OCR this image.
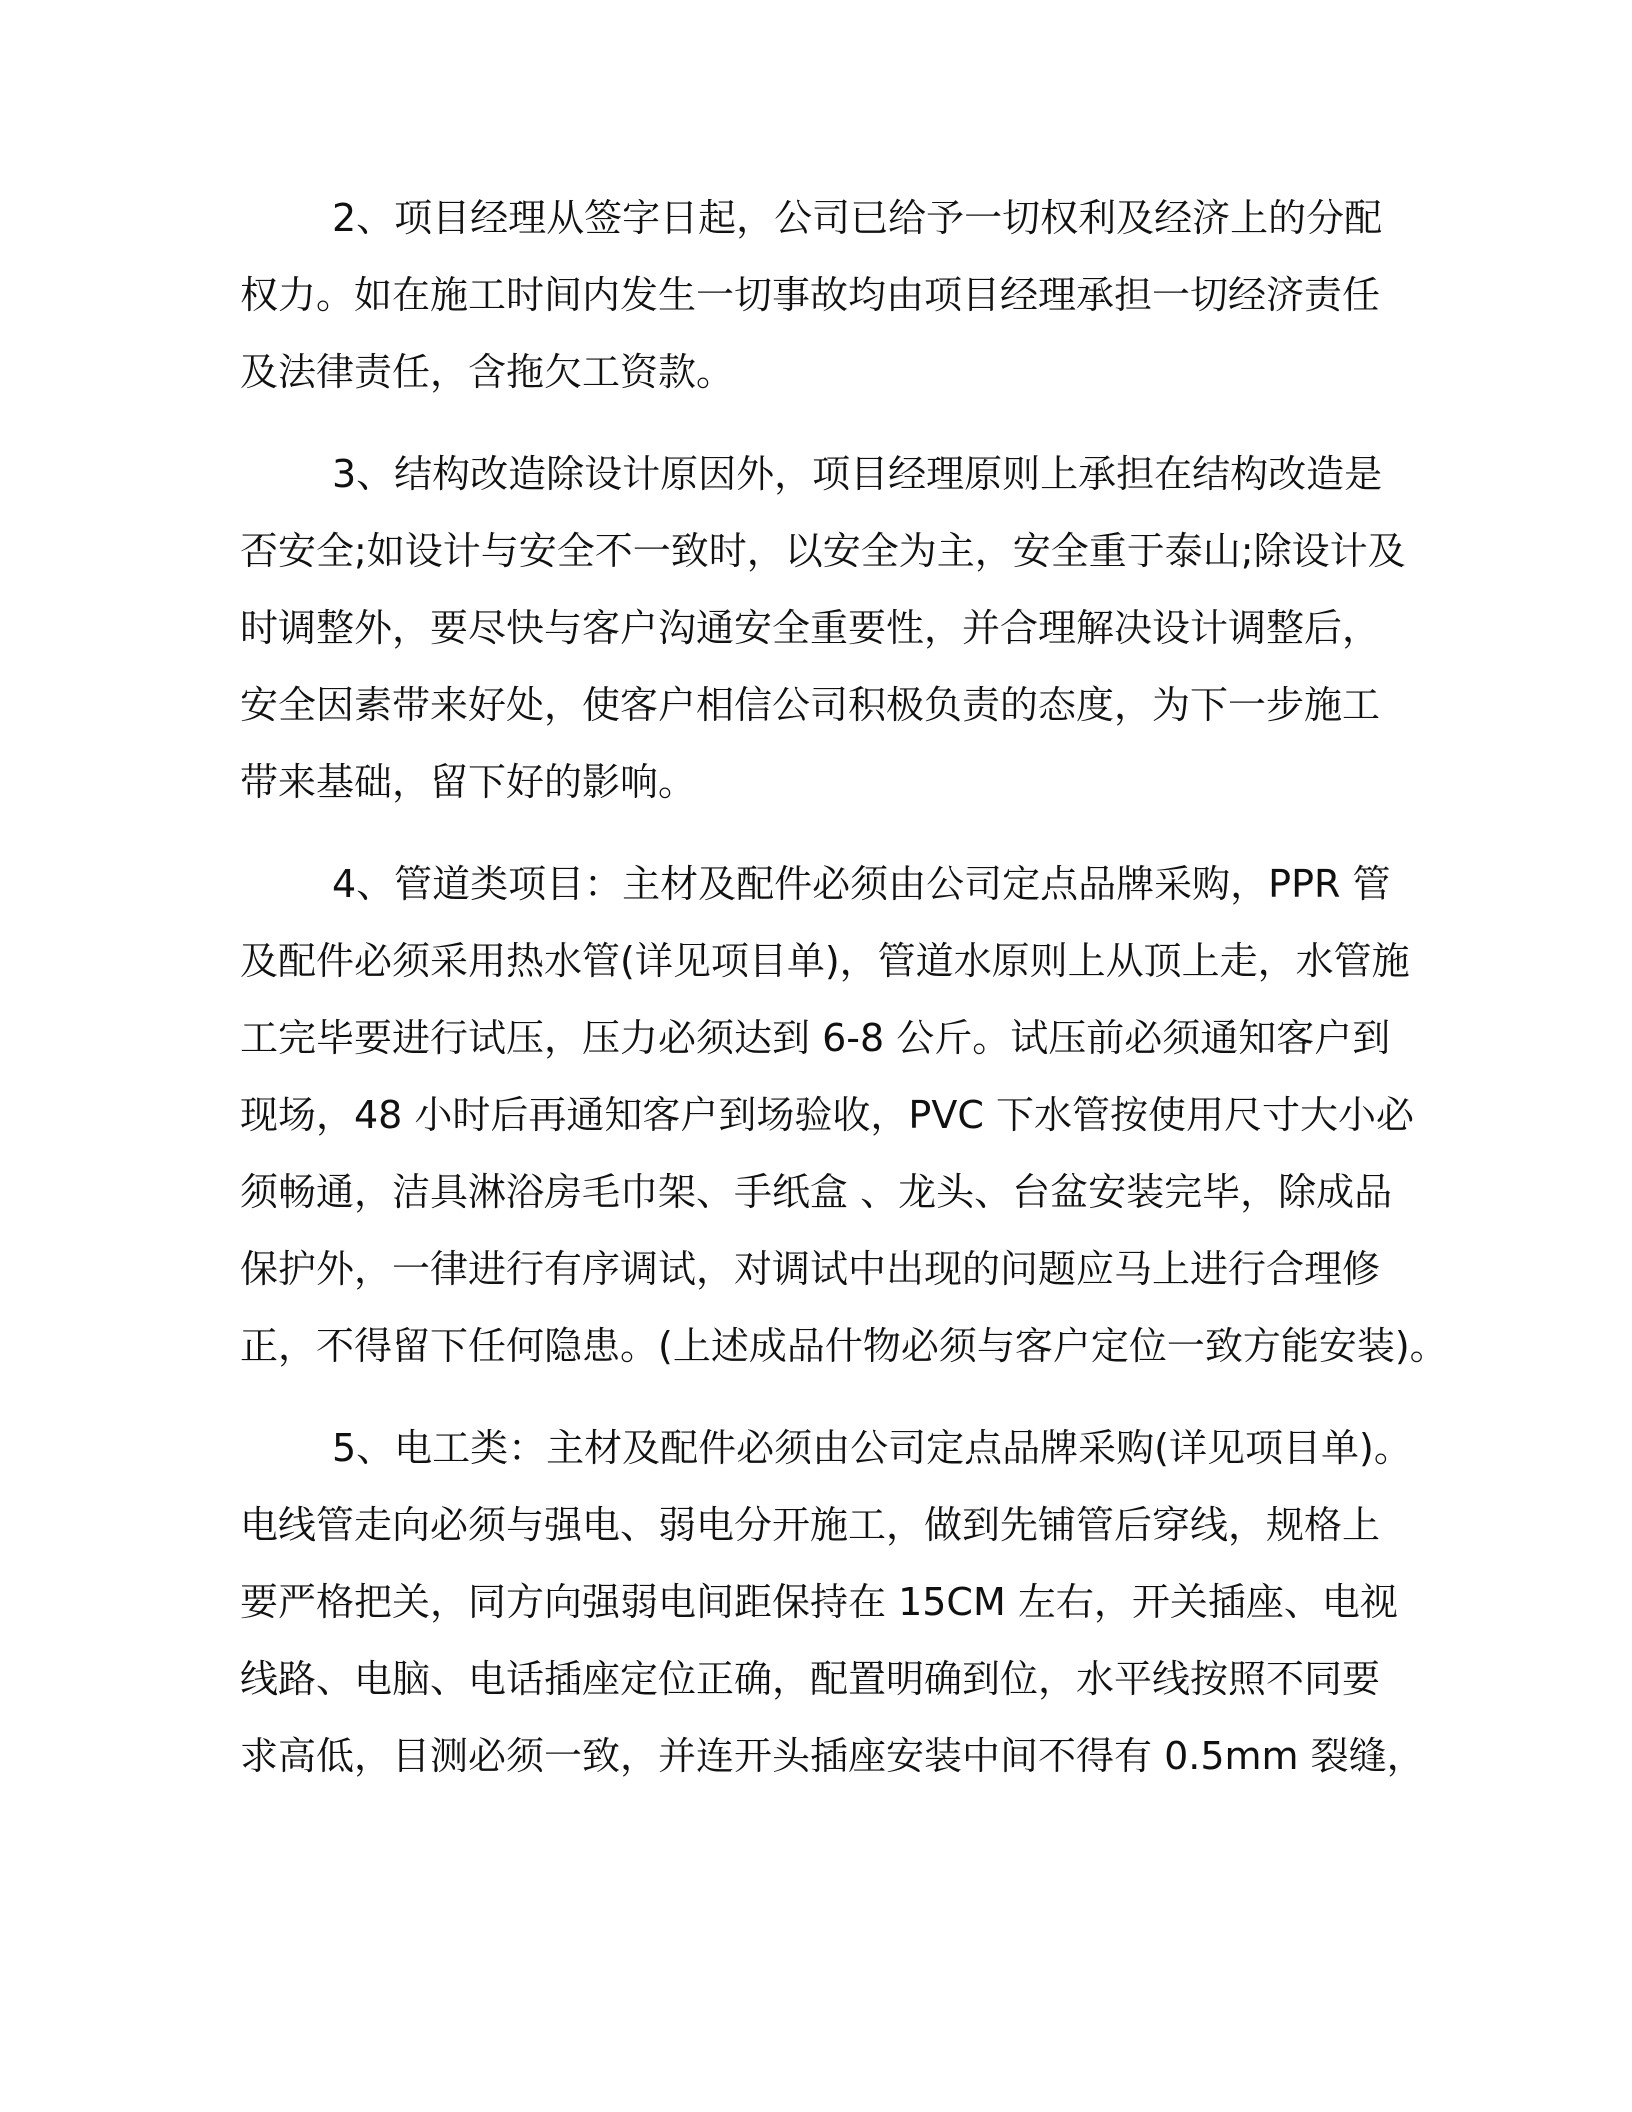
2、项目经理从签字日起，公司已给予一切权利及经济上的分配
权力。如在施工时间内发生一切事故均由项目经理承担一切经济责任
及法律责任，含拖欠工资款。
3、结构改造除设计原因外，项目经理原则上承担在结构改造是
否安全;如设计与安全不一致时，以安全为主，安全重于泰山;除设计及
时调整外，要尽快与客户沟通安全重要性，并合理解决设计调整后，
安全因素带来好处，使客户相信公司积极负责的态度，为下一步施工
带来基础，留下好的影响。
4、管道类项目：主材及配件必须由公司定点品牌采购，PPR 管
及配件必须采用热水管(详见项目单)，管道水原则上从顶上走，水管施
工完毕要进行试压，压力必须达到 6-8 公斤。试压前必须通知客户到
现场，48 小时后再通知客户到场验收，PVC 下水管按使用尺寸大小必
须畅通，洁具淋浴房毛巾架、手纸盒 、龙头、台盆安装完毕，除成品
保护外，一律进行有序调试，对调试中出现的问题应马上进行合理修
正，不得留下任何隐患。(上述成品什物必须与客户定位一致方能安装)。
5、电工类：主材及配件必须由公司定点品牌采购(详见项目单)。
电线管走向必须与强电、弱电分开施工，做到先铺管后穿线，规格上
要严格把关，同方向强弱电间距保持在 15CM 左右，开关插座、电视
线路、电脑、电话插座定位正确，配置明确到位，水平线按照不同要
求高低，目测必须一致，并连开头插座安装中间不得有 0.5mm 裂缝，
